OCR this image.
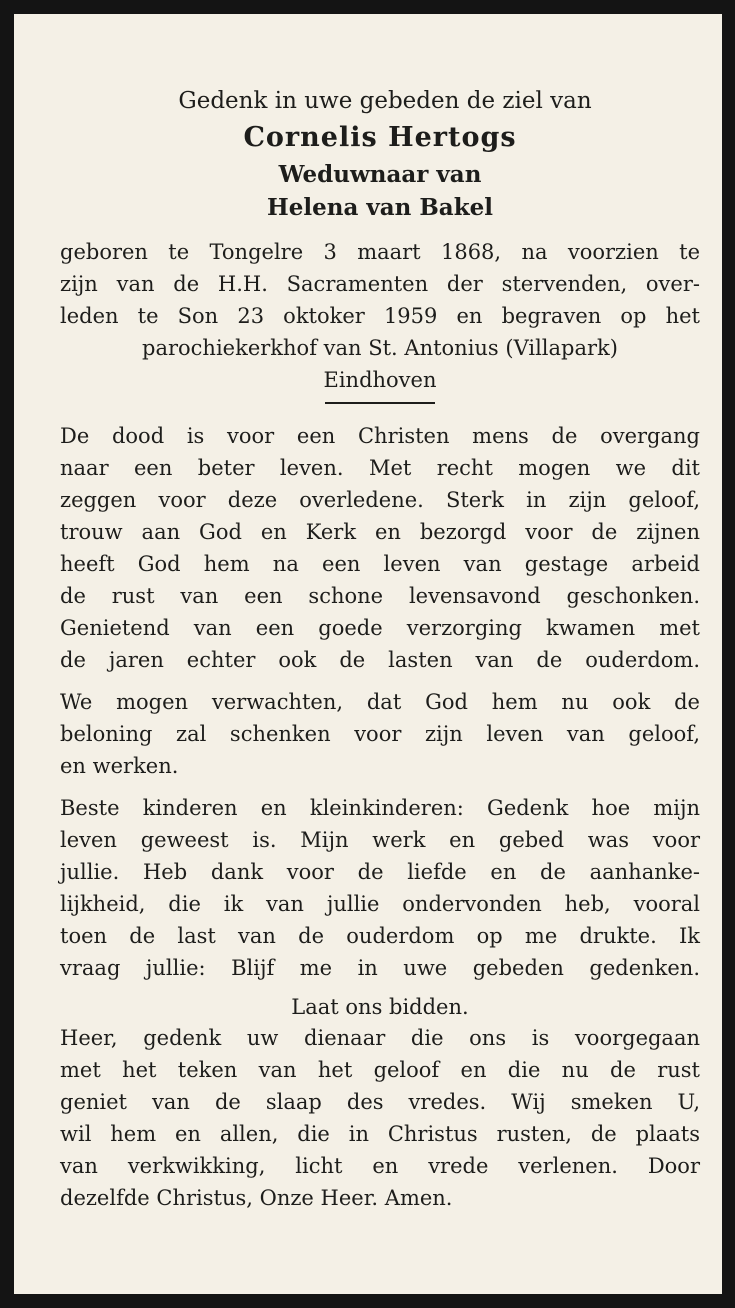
Gedenk in uwe gebeden de ziel van
Cornelis Hertogs
Weduwnaar van
Helena van Bakel
geboren te Tongelre 3 maart 1868, na voorzien te
zijn van de H.H. Sacramenten der stervenden, over-
leden te Son 23 oktoker 1959 en begraven op het
parochiekerkhof van St. Antonius (Villapark)
Eindhoven
De dood is voor een Christen mens de overgang
naar een beter leven. Met recht mogen we dit
zeggen voor deze overledene. Sterk in zijn geloof,
trouw aan God en Kerk en bezorgd voor de zijnen
heeft God hem na een leven van gestage arbeid
de rust van een schone levensavond geschonken.
Genietend van een goede verzorging kwamen met
de jaren echter ook de lasten van de ouderdom.
We mogen verwachten, dat God hem nu ook de
beloning zal schenken voor zijn leven van geloof,
en werken.
Beste kinderen en kleinkinderen: Gedenk hoe mijn
leven geweest is. Mijn werk en gebed was voor
jullie. Heb dank voor de liefde en de aanhanke-
lijkheid, die ik van jullie ondervonden heb, vooral
toen de last van de ouderdom op me drukte. Ik
vraag jullie: Blijf me in uwe gebeden gedenken.
Laat ons bidden.
Heer, gedenk uw dienaar die ons is voorgegaan
met het teken van het geloof en die nu de rust
geniet van de slaap des vredes. Wij smeken U,
wil hem en allen, die in Christus rusten, de plaats
van verkwikking, licht en vrede verlenen. Door
dezelfde Christus, Onze Heer. Amen.
